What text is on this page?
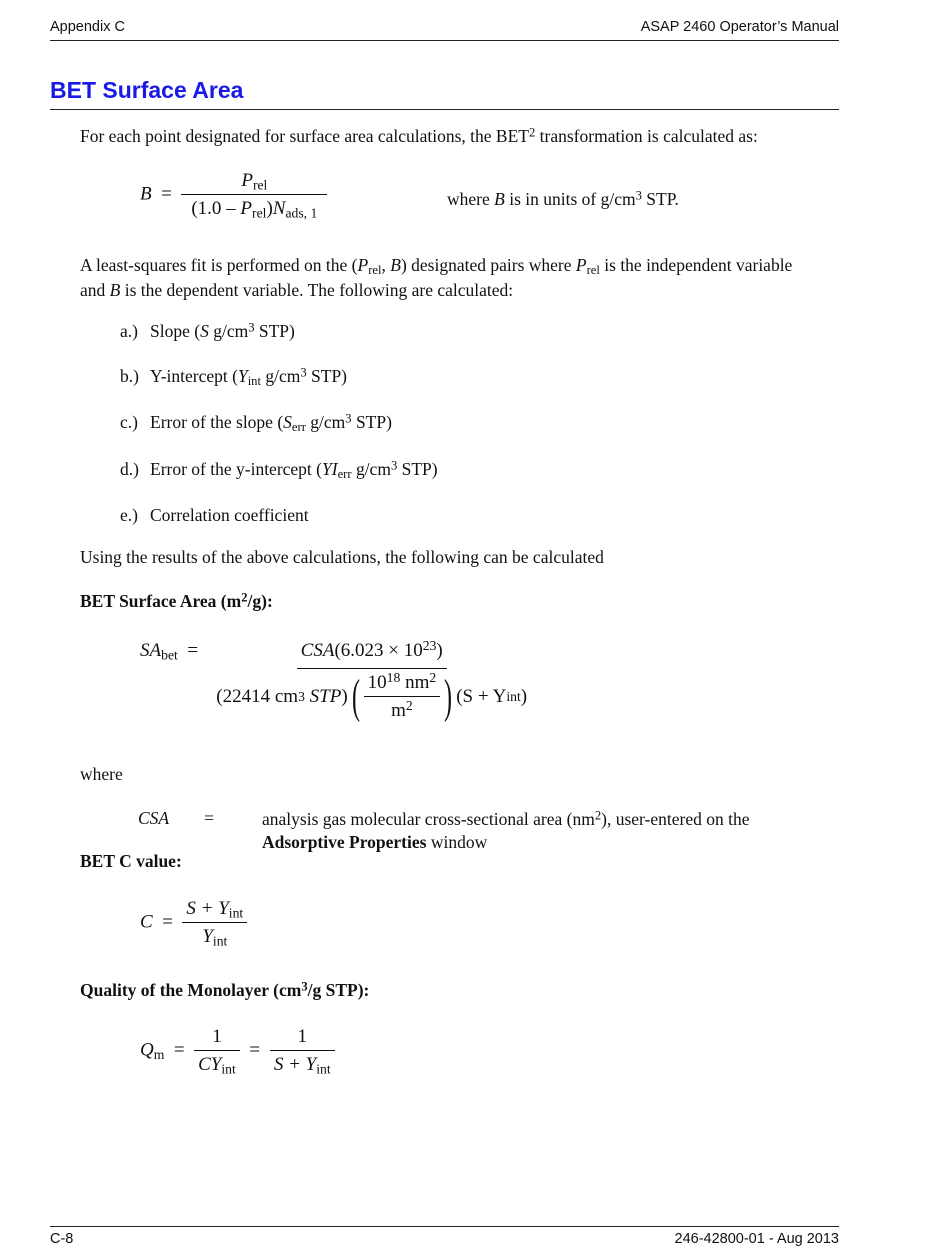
Appendix C	ASAP 2460 Operator’s Manual
BET Surface Area
For each point designated for surface area calculations, the BET$^2$ transformation is calculated as:
$B = \frac{P_{rel}}{(1.0 - P_{rel})N_{ads, 1}}$	where B is in units of $g/cm^3$ STP.
A least-squares fit is performed on the ($P_{rel}$, B) designated pairs where $P_{rel}$ is the independent variable
and B is the dependent variable. The following are calculated:
Using the results of the above calculations, the following can be calculated
BET Surface Area $(m^2/g)$:
$SA_{bet}$ =	$CSA(6.023 \times 10^{23})$
(22414 cm 3
STP ) ( $\frac{10^{18} nm^2}{m^2}$ ) (S + Y int )
where
CSA =	analysis gas molecular cross-sectional area $(nm^2)$, user-entered on the
Adsorptive Properties window
BET C value:
$C = \frac{S + Y_{int}}{Y_{int}}$
Quality of the Monolayer ($cm^3/g$ STP):
$Q_m = \frac{1}{CY_{int}} = \frac{1}{S + Y_{int}}$
C-8	246-42800-01 - Aug 2013
a.) Slope (S $g/cm^3$ STP)
b.) Y-intercept ($Y_{int}$ $g/cm^3$ STP)
c.) Error of the slope ($S_{err}$ $g/cm^3$ STP)
d.) Error of the y-intercept ($YI_{err}$ $g/cm^3$ STP)
e.) Correlation coefficient
